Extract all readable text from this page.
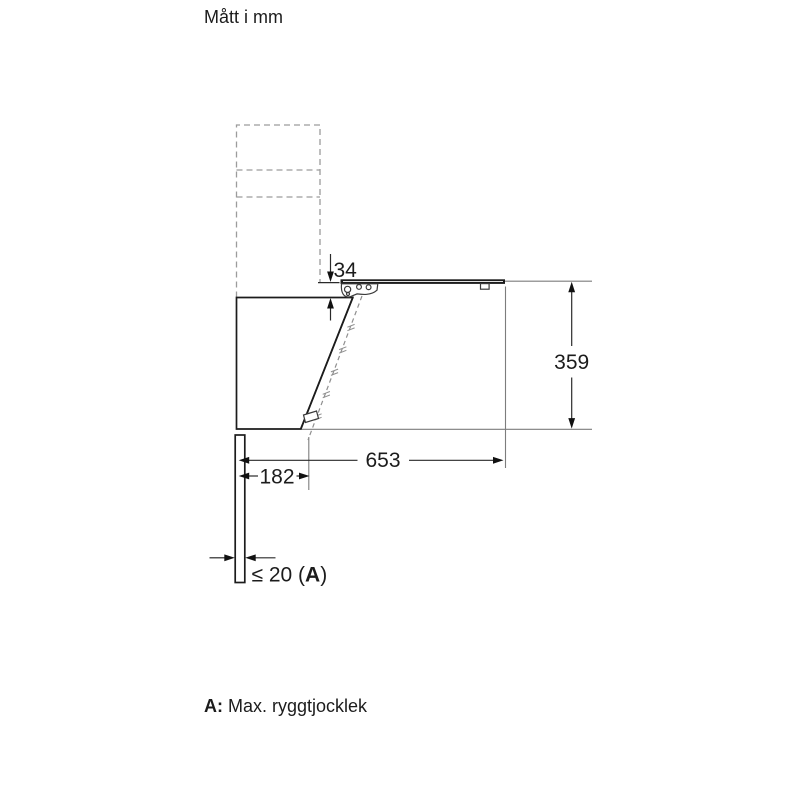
Mått i mm
34
359
653
182
≤ 20 (A)
A: Max. ryggtjocklek
